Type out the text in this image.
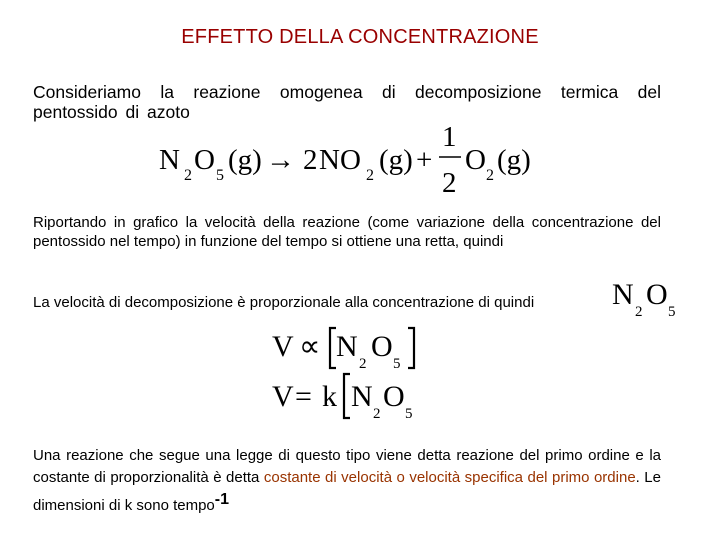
EFFETTO DELLA CONCENTRAZIONE
Consideriamo la reazione omogenea di decomposizione termica del pentossido di azoto
N 2 O 5 (g) → 2 NO 2 (g) +
1
2
O 2 (g)
Riportando in grafico la velocità della reazione (come variazione della concentrazione del pentossido nel tempo) in funzione del tempo si ottiene una retta, quindi
La velocità di decomposizione è proporzionale alla concentrazione di quindi	N
2
O
5
V ∝ N
2
O
5
V = k N
2
O
5
Una reazione che segue una legge di questo tipo viene detta reazione del primo ordine e la costante di proporzionalità è detta costante di velocità o velocità specifica del primo ordine. Le dimensioni di k sono tempo$^{-1}$
